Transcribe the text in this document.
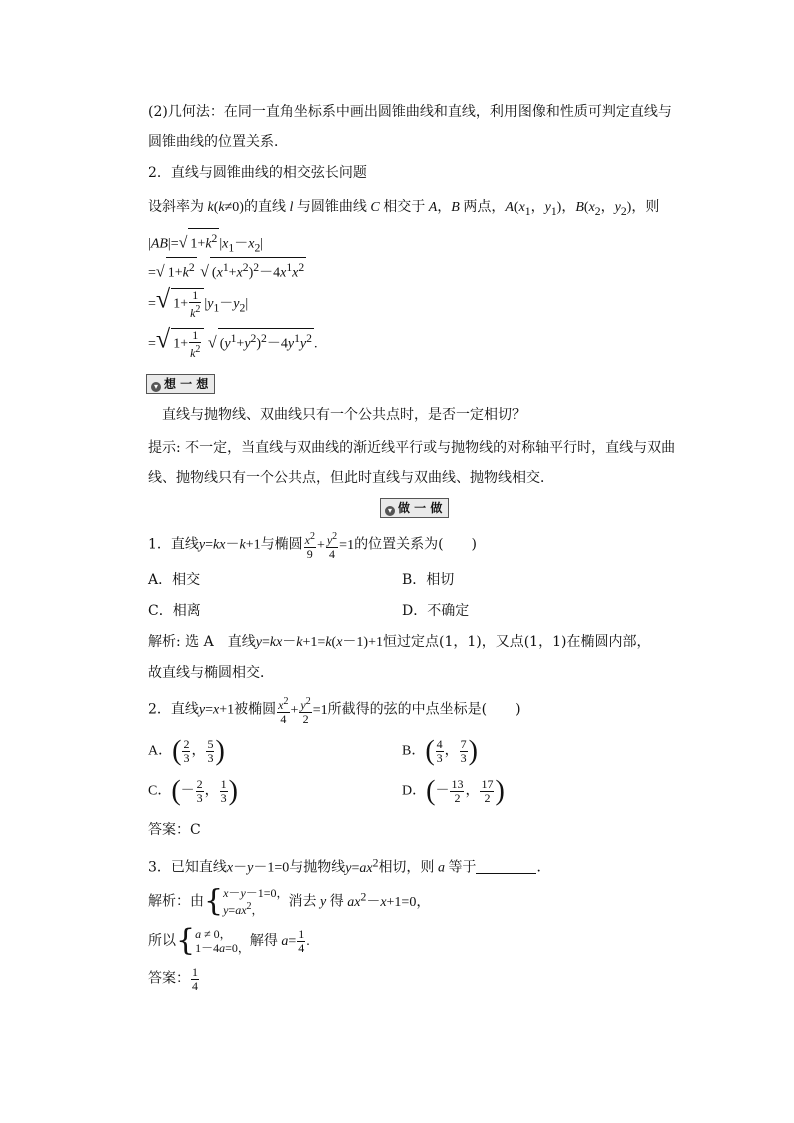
(2)几何法：在同一直角坐标系中画出圆锥曲线和直线，利用图像和性质可判定直线与
圆锥曲线的位置关系．
2．直线与圆锥曲线的相交弦长问题
设斜率为 k(k≠0)的直线 l 与圆锥曲线 C 相交于 A，B 两点，$A(x_1$，$y_1$)，$B(x_2$，$y_2$)，则
|AB|=√ $1+k^2$ $|x_1-x_2|$
=√ $1+k^2$ √ $(x^1+x^2)^2-4x^1x^2$
=√ $1+ \frac{1}{k^2} |y_1-y_2|$
=√ $1+ \frac{1}{k^2}$ √ $(y^1+y^2)^2-4y^1y^2$ .
▾ 想 一 想
直线与抛物线、双曲线只有一个公共点时，是否一定相切？
提示: 不一定，当直线与双曲线的渐近线平行或与抛物线的对称轴平行时，直线与双曲
线、抛物线只有一个公共点，但此时直线与双曲线、抛物线相交．
▾ 做 一 做
1．直线y=kx－k+1与椭圆 $\frac{x^2}{9} + \frac{y^2}{4} =1$的位置关系为(　　)
A．相交	B．相切
C．相离	D．不确定
解析: 选 A　直线y=kx－k+1=k(x－1)+1恒过定点(1，1)，又点(1，1)在椭圆内部，
故直线与椭圆相交．
2．直线y=x+1被椭圆 $\frac{x^2}{4} + \frac{y^2}{2} =1$所截得的弦的中点坐标是(　　)
A．( $\frac{2}{3}$ ， $\frac{5}{3}$ )	B．( $\frac{4}{3}$ ， $\frac{7}{3}$ )
C．(－ $\frac{2}{3}$ ， $\frac{1}{3}$ )	D．(－ $\frac{13}{2}$ ， $\frac{17}{2}$ )
答案：C
3．已知直线x－y－1=0与抛物线$y=ax^2$相切，则 a 等于	．
解析：由{ x－y－1=0，
$y=ax^2$，
消去 y 得 $ax^2-x+1=0$，
所以{ a ≠ 0，
1－4a=0， 解得 $a= \frac{1}{4}$ .
答案： $\frac{1}{4}$
